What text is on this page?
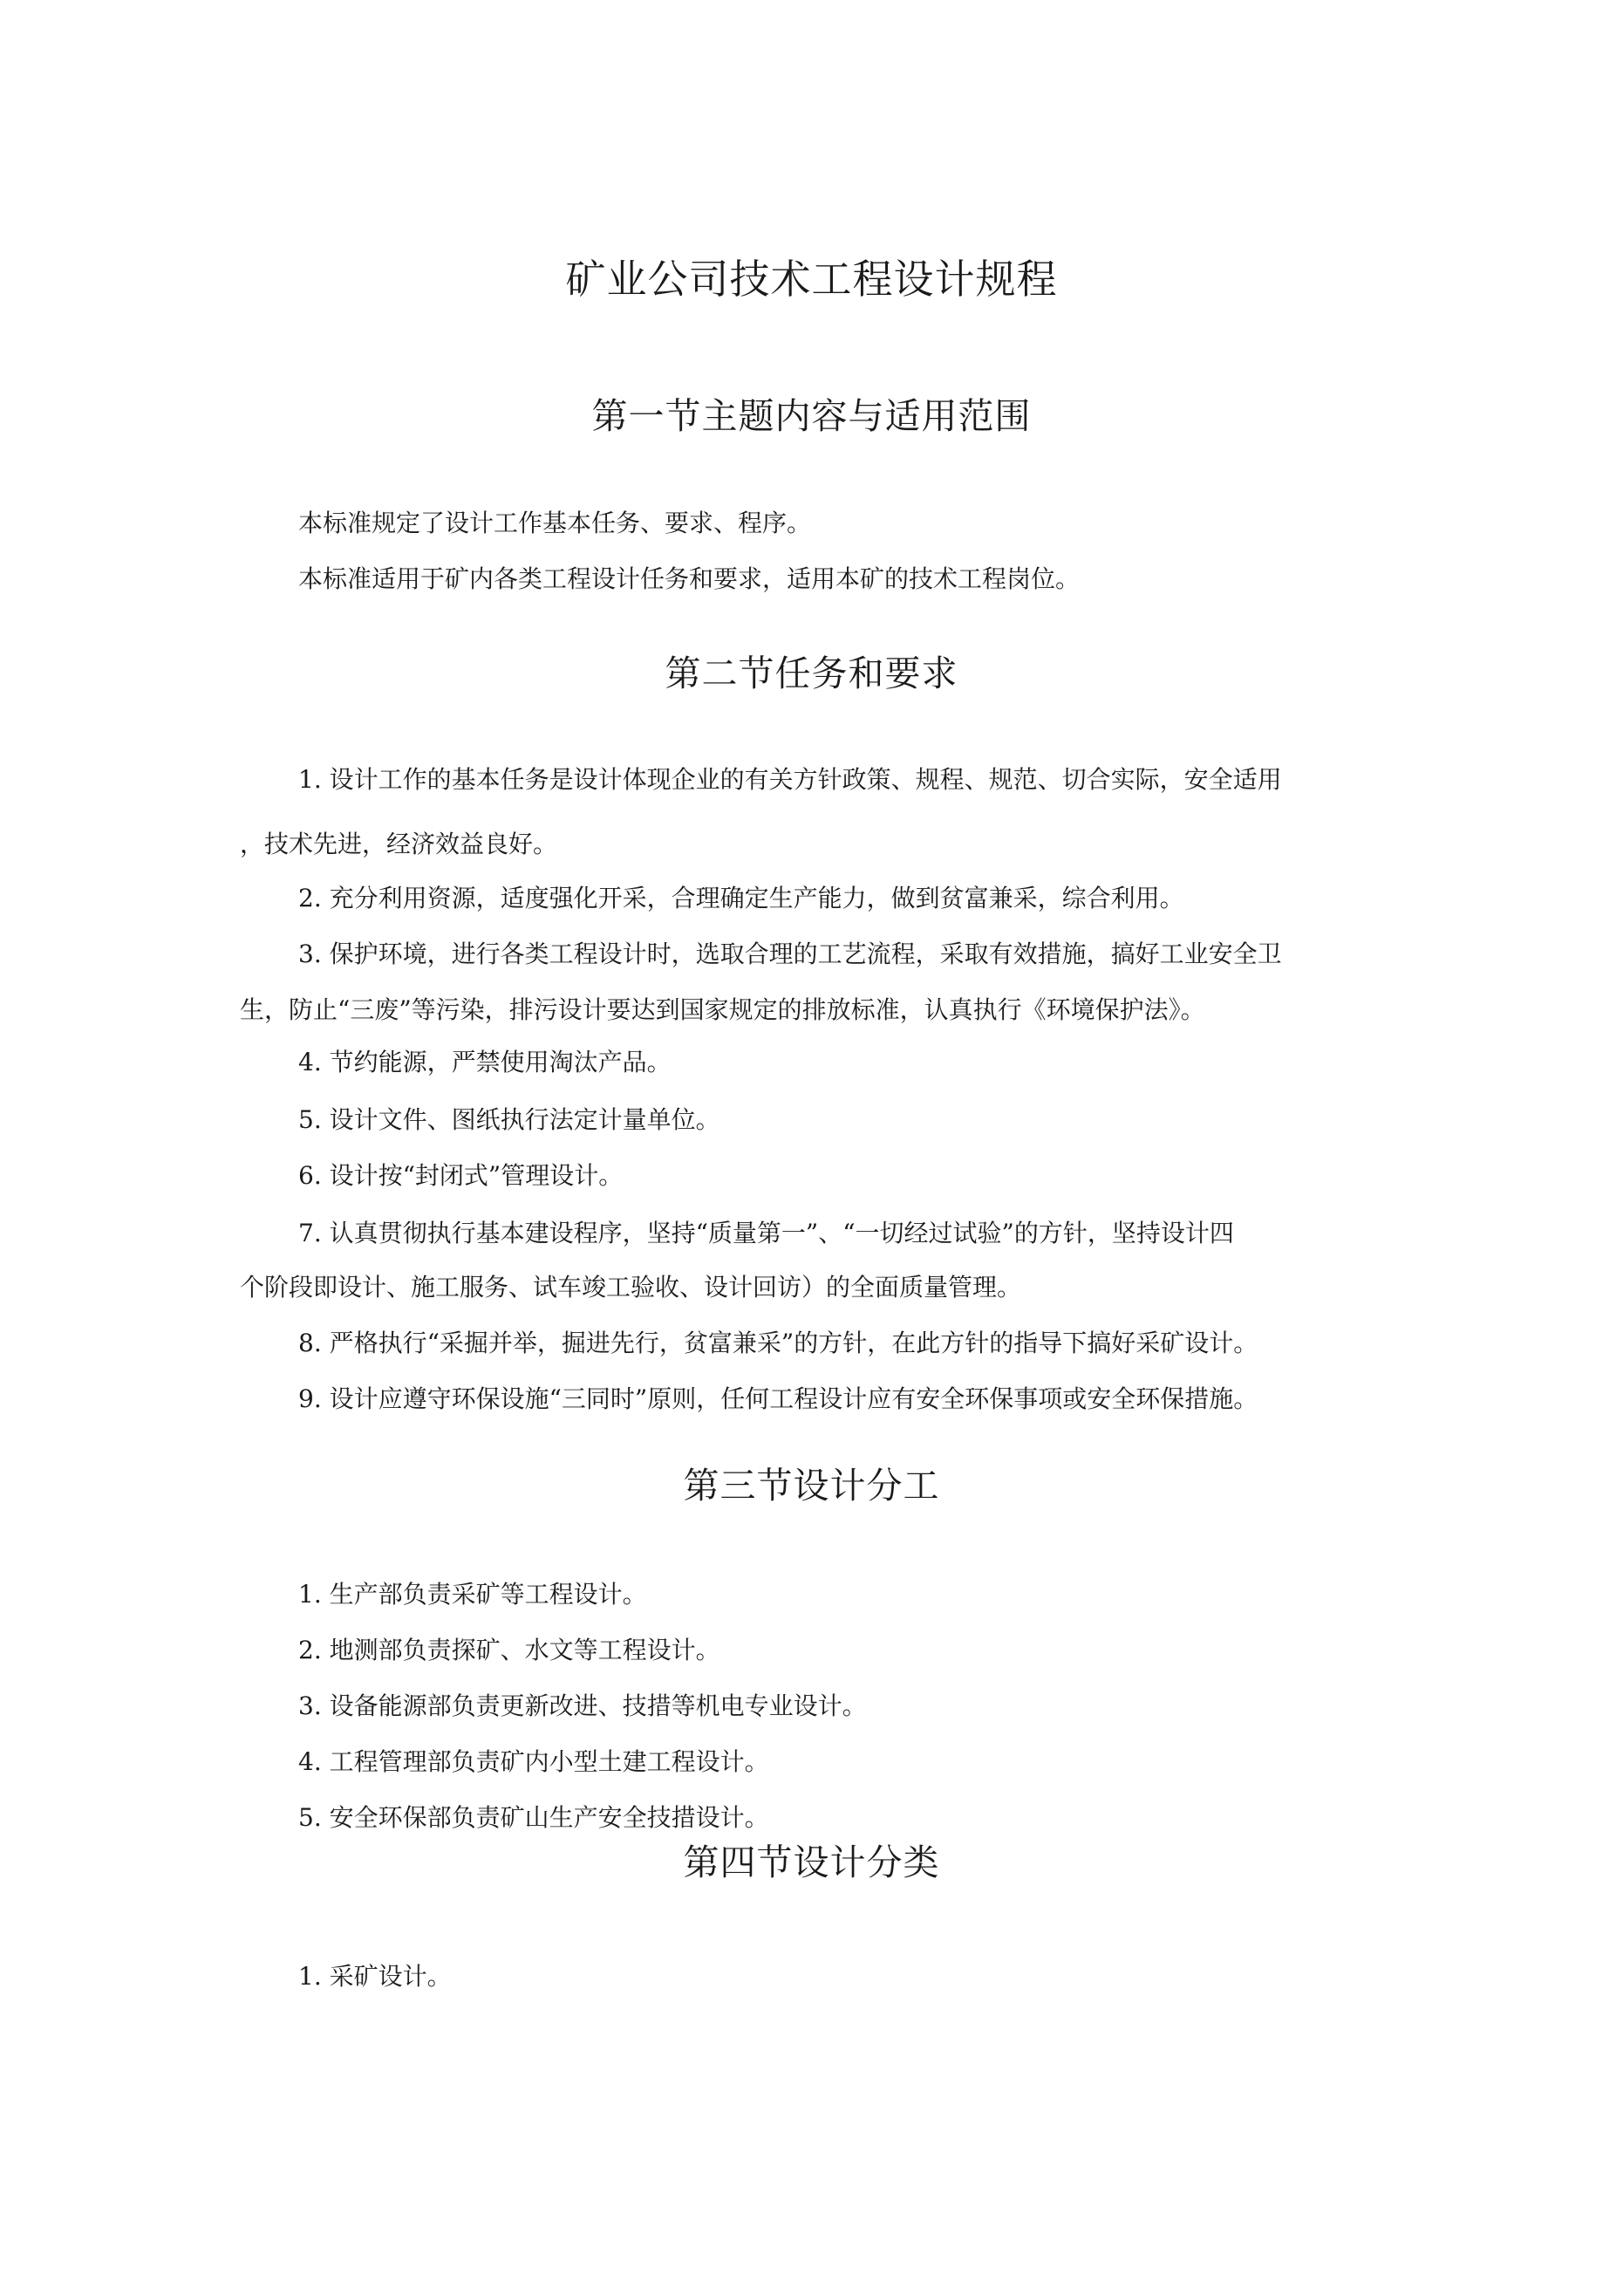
矿业公司技术工程设计规程
第一节主题内容与适用范围
本标准规定了设计工作基本任务、要求、程序。
本标准适用于矿内各类工程设计任务和要求，适用本矿的技术工程岗位。
第二节任务和要求
1. 设计工作的基本任务是设计体现企业的有关方针政策、规程、规范、切合实际，安全适用
，技术先进，经济效益良好。
2. 充分利用资源，适度强化开采，合理确定生产能力，做到贫富兼采，综合利用。
3. 保护环境，进行各类工程设计时，选取合理的工艺流程，采取有效措施，搞好工业安全卫
生，防止“三废”等污染，排污设计要达到国家规定的排放标准，认真执行《环境保护法》。
4. 节约能源，严禁使用淘汰产品。
5. 设计文件、图纸执行法定计量单位。
6. 设计按“封闭式”管理设计。
7. 认真贯彻执行基本建设程序，坚持“质量第一”、“一切经过试验”的方针，坚持设计四
个阶段即设计、施工服务、试车竣工验收、设计回访）的全面质量管理。
8. 严格执行“采掘并举，掘进先行，贫富兼采”的方针，在此方针的指导下搞好采矿设计。
9. 设计应遵守环保设施“三同时”原则，任何工程设计应有安全环保事项或安全环保措施。
第三节设计分工
1. 生产部负责采矿等工程设计。
2. 地测部负责探矿、水文等工程设计。
3. 设备能源部负责更新改进、技措等机电专业设计。
4. 工程管理部负责矿内小型土建工程设计。
5. 安全环保部负责矿山生产安全技措设计。
第四节设计分类
1. 采矿设计。
